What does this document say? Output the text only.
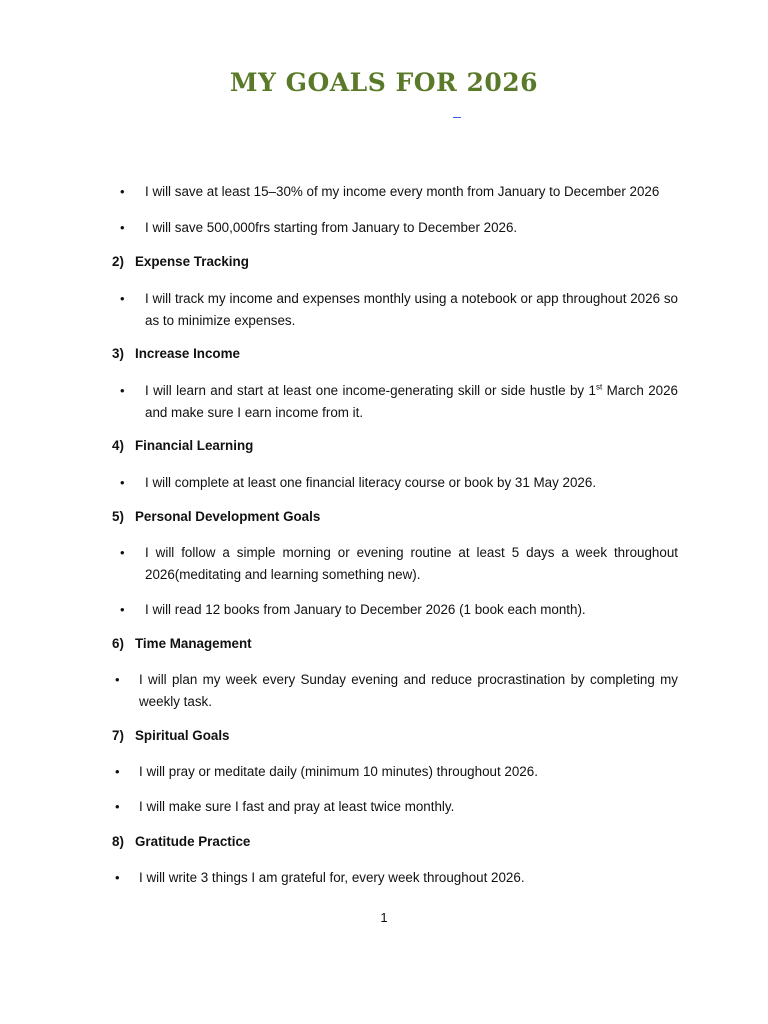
MY GOALS FOR 2026
• I will save at least 15–30% of my income every month from January to December 2026
• I will save 500,000frs starting from January to December 2026.
2) Expense Tracking
• I will track my income and expenses monthly using a notebook or app throughout 2026 so as to minimize expenses.
3) Increase Income
• I will learn and start at least one income-generating skill or side hustle by 1st March 2026 and make sure I earn income from it.
4) Financial Learning
• I will complete at least one financial literacy course or book by 31 May 2026.
5) Personal Development Goals
• I will follow a simple morning or evening routine at least 5 days a week throughout 2026(meditating and learning something new).
• I will read 12 books from January to December 2026 (1 book each month).
6) Time Management
• I will plan my week every Sunday evening and reduce procrastination by completing my weekly task.
7) Spiritual Goals
• I will pray or meditate daily (minimum 10 minutes) throughout 2026.
• I will make sure I fast and pray at least twice monthly.
8) Gratitude Practice
• I will write 3 things I am grateful for, every week throughout 2026.
1
